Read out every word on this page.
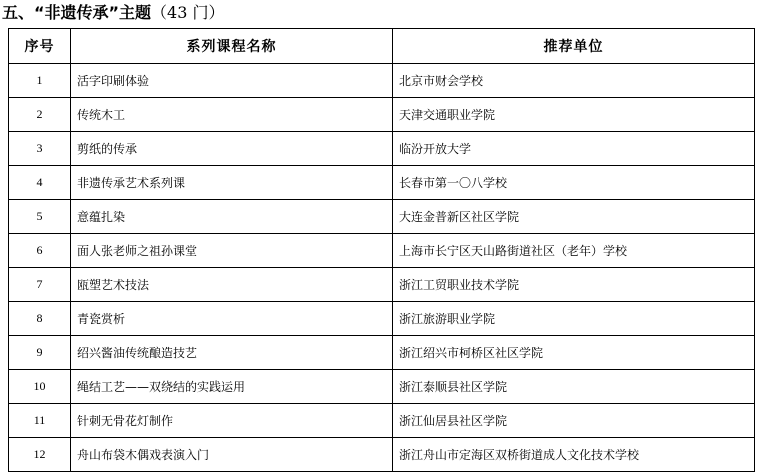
五、“非遗传承”主题（43 门）
序号	系列课程名称	推荐单位
1	活字印刷体验	北京市财会学校
2	传统木工	天津交通职业学院
3	剪纸的传承	临汾开放大学
4	非遗传承艺术系列课	长春市第一〇八学校
5	意蕴扎染	大连金普新区社区学院
6	面人张老师之祖孙课堂	上海市长宁区天山路街道社区（老年）学校
7	瓯塑艺术技法	浙江工贸职业技术学院
8	青瓷赏析	浙江旅游职业学院
9	绍兴酱油传统酿造技艺	浙江绍兴市柯桥区社区学院
10	绳结工艺——双绕结的实践运用	浙江泰顺县社区学院
11	针刺无骨花灯制作	浙江仙居县社区学院
12	舟山布袋木偶戏表演入门	浙江舟山市定海区双桥街道成人文化技术学校
